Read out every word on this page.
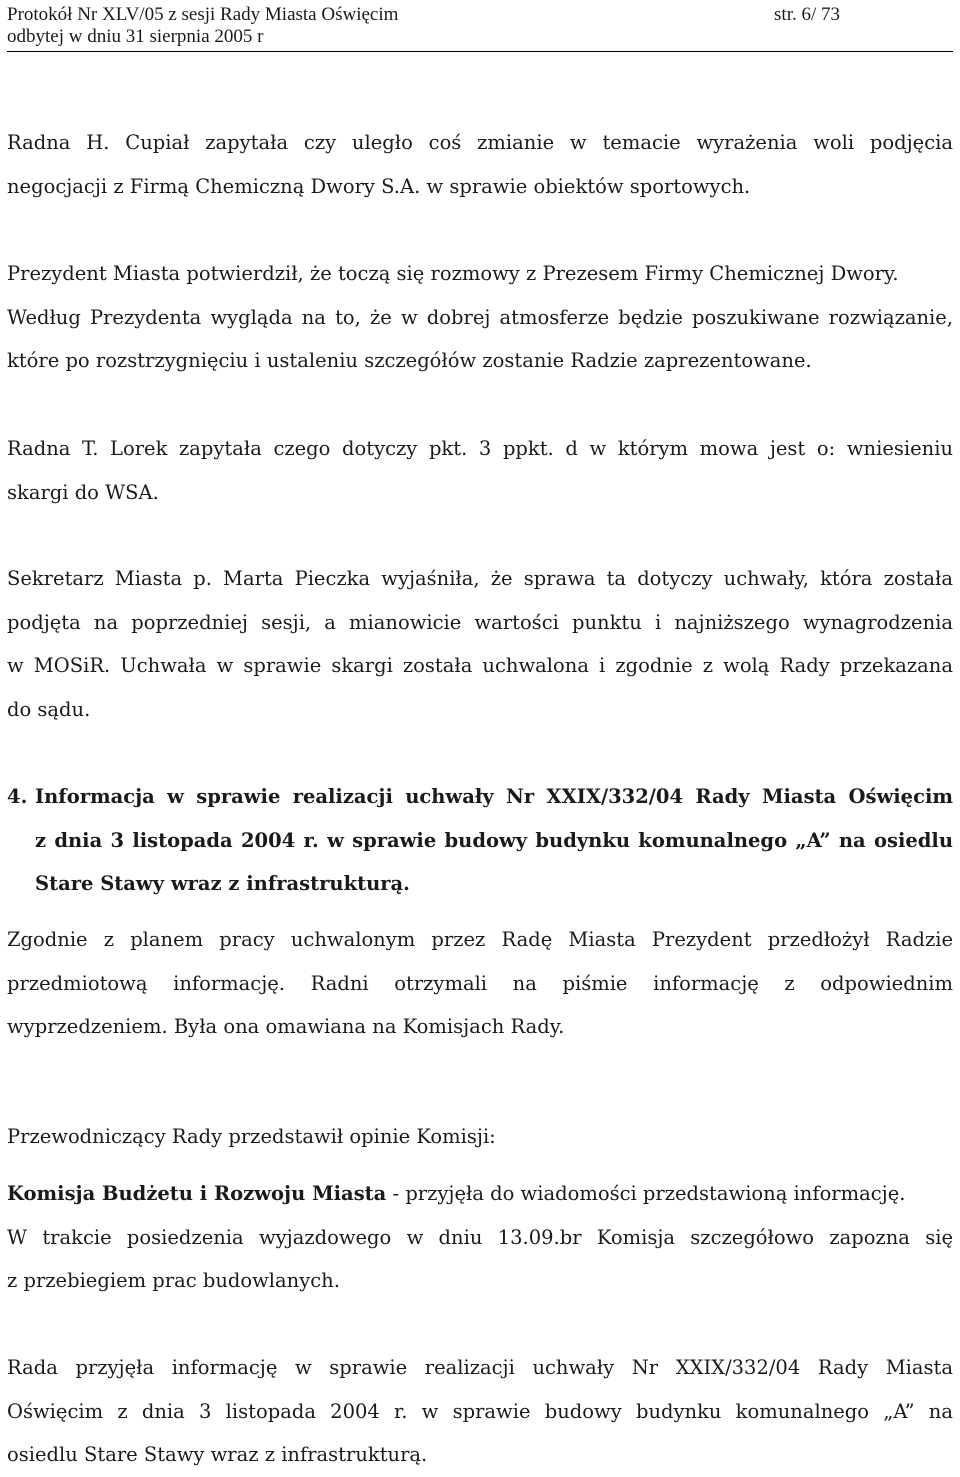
Protokół Nr XLV/05 z sesji Rady Miasta Oświęcim	str. 6/ 73
odbytej w dniu 31 sierpnia 2005 r
Radna H. Cupiał zapytała czy uległo coś zmianie w temacie wyrażenia woli podjęcia
negocjacji z Firmą Chemiczną Dwory S.A. w sprawie obiektów sportowych.
Prezydent Miasta potwierdził, że toczą się rozmowy z Prezesem Firmy Chemicznej Dwory.
Według Prezydenta wygląda na to, że w dobrej atmosferze będzie poszukiwane rozwiązanie,
które po rozstrzygnięciu i ustaleniu szczegółów zostanie Radzie zaprezentowane.
Radna T. Lorek zapytała czego dotyczy pkt. 3 ppkt. d w którym mowa jest o: wniesieniu
skargi do WSA.
Sekretarz Miasta p. Marta Pieczka wyjaśniła, że sprawa ta dotyczy uchwały, która została
podjęta na poprzedniej sesji, a mianowicie wartości punktu i najniższego wynagrodzenia
w MOSiR. Uchwała w sprawie skargi została uchwalona i zgodnie z wolą Rady przekazana
do sądu.
4. Informacja w sprawie realizacji uchwały Nr XXIX/332/04 Rady Miasta Oświęcim
z dnia 3 listopada 2004 r. w sprawie budowy budynku komunalnego „A” na osiedlu
Stare Stawy wraz z infrastrukturą.
Zgodnie z planem pracy uchwalonym przez Radę Miasta Prezydent przedłożył Radzie
przedmiotową informację. Radni otrzymali na piśmie informację z odpowiednim
wyprzedzeniem. Była ona omawiana na Komisjach Rady.
Przewodniczący Rady przedstawił opinie Komisji:
Komisja Budżetu i Rozwoju Miasta - przyjęła do wiadomości przedstawioną informację.
W trakcie posiedzenia wyjazdowego w dniu 13.09.br Komisja szczegółowo zapozna się
z przebiegiem prac budowlanych.
Rada przyjęła informację w sprawie realizacji uchwały Nr XXIX/332/04 Rady Miasta
Oświęcim z dnia 3 listopada 2004 r. w sprawie budowy budynku komunalnego „A” na
osiedlu Stare Stawy wraz z infrastrukturą.
